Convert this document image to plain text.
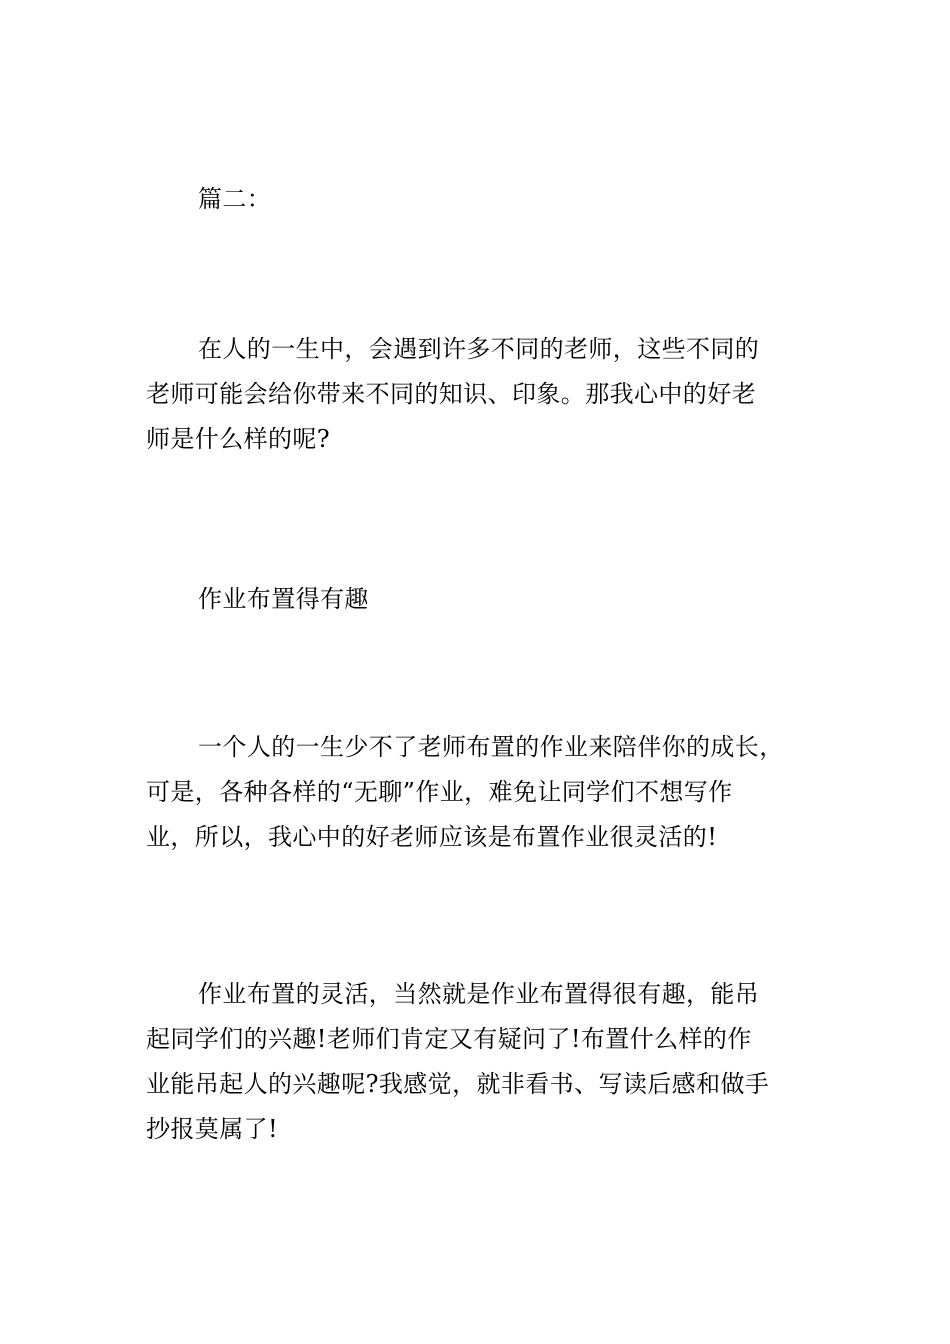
篇二：

在人的一生中，会遇到许多不同的老师，这些不同的
老师可能会给你带来不同的知识、印象。那我心中的好老
师是什么样的呢?

作业布置得有趣

一个人的一生少不了老师布置的作业来陪伴你的成长，
可是，各种各样的“无聊”作业，难免让同学们不想写作
业，所以，我心中的好老师应该是布置作业很灵活的!

作业布置的灵活，当然就是作业布置得很有趣，能吊
起同学们的兴趣!老师们肯定又有疑问了!布置什么样的作
业能吊起人的兴趣呢?我感觉，就非看书、写读后感和做手
抄报莫属了!
